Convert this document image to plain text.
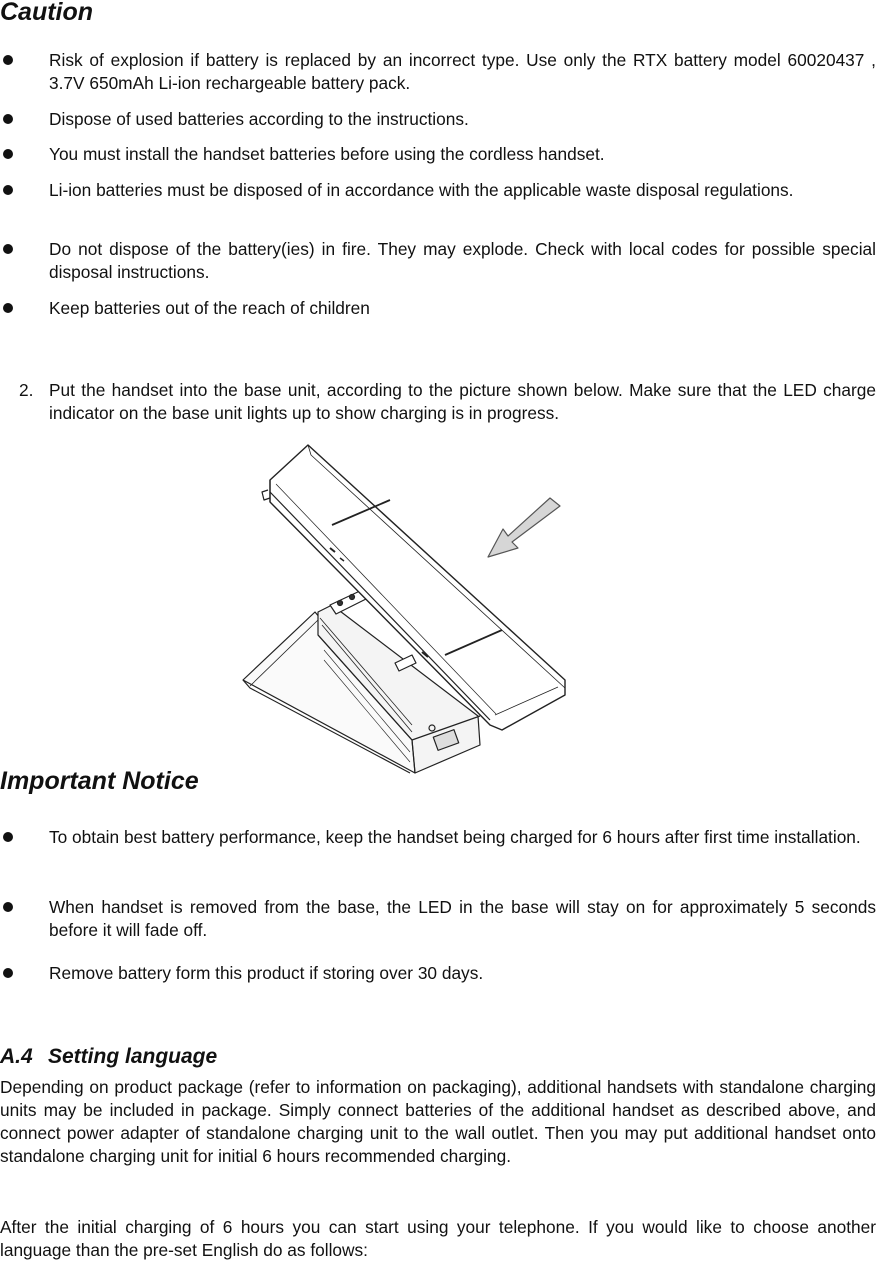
Caution
Risk of explosion if battery is replaced by an incorrect type. Use only the RTX battery model 60020437 , 3.7V 650mAh Li-ion rechargeable battery pack.
Dispose of used batteries according to the instructions.
You must install the handset batteries before using the cordless handset.
Li-ion batteries must be disposed of in accordance with the applicable waste disposal regulations.
Do not dispose of the battery(ies) in fire. They may explode. Check with local codes for possible special disposal instructions.
Keep batteries out of the reach of children
2. Put the handset into the base unit, according to the picture shown below. Make sure that the LED charge indicator on the base unit lights up to show charging is in progress.
Important Notice
To obtain best battery performance, keep the handset being charged for 6 hours after first time installation.
When handset is removed from the base, the LED in the base will stay on for approximately 5 seconds before it will fade off.
Remove battery form this product if storing over 30 days.
A.4 Setting language

Depending on product package (refer to information on packaging), additional handsets with standalone charging units may be included in package. Simply connect batteries of the additional handset as described above, and connect power adapter of standalone charging unit to the wall outlet. Then you may put additional handset onto standalone charging unit for initial 6 hours recommended charging.

After the initial charging of 6 hours you can start using your telephone. If you would like to choose another language than the pre-set English do as follows:
